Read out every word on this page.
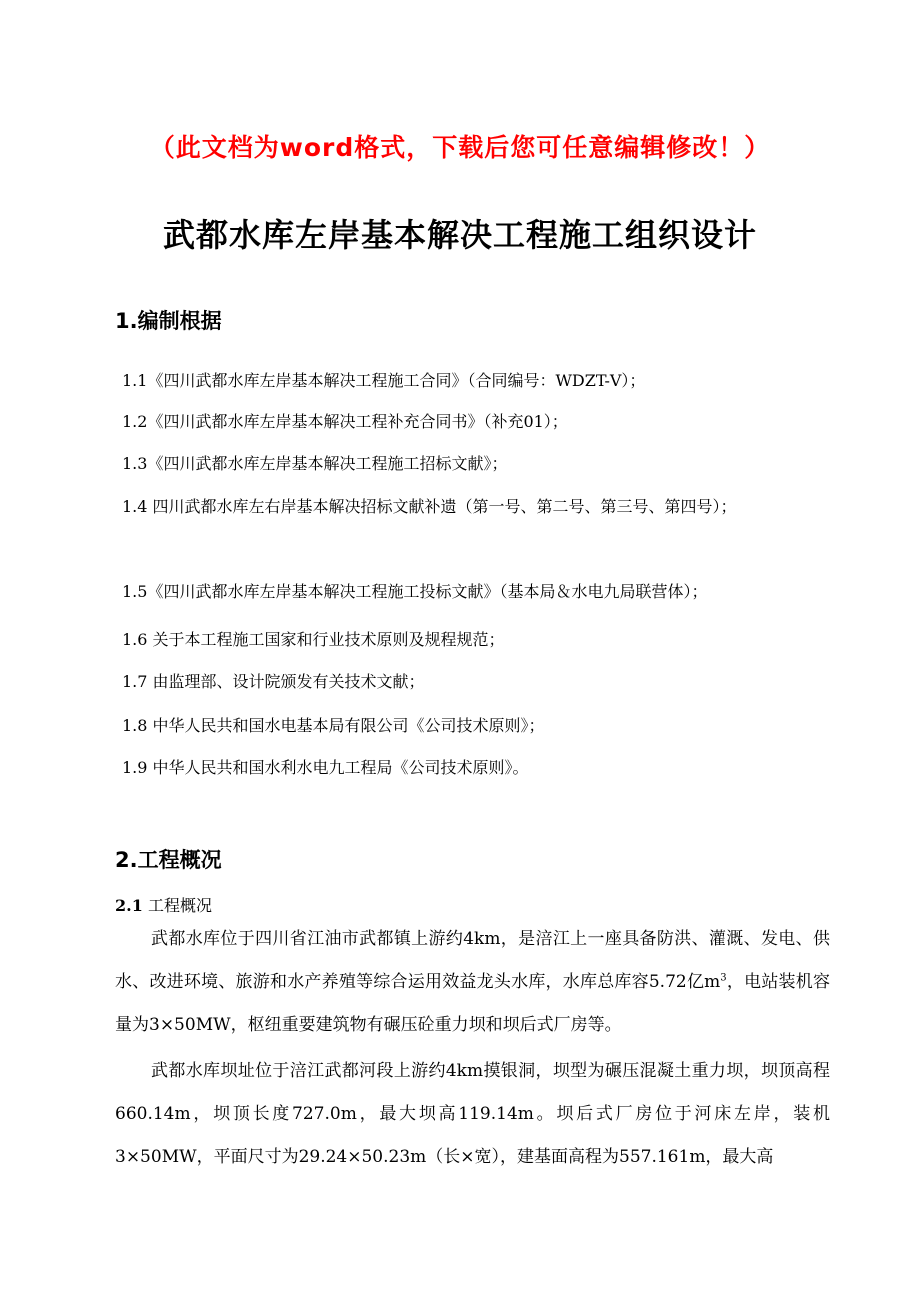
（此文档为word格式，下载后您可任意编辑修改！）
武都水库左岸基本解决工程施工组织设计
1.编制根据
1.1《四川武都水库左岸基本解决工程施工合同》（合同编号：WDZT-Ⅴ）；
1.2《四川武都水库左岸基本解决工程补充合同书》（补充01）；
1.3《四川武都水库左岸基本解决工程施工招标文献》；
1.4 四川武都水库左右岸基本解决招标文献补遗（第一号、第二号、第三号、第四号）；
1.5《四川武都水库左岸基本解决工程施工投标文献》（基本局＆水电九局联营体）；
1.6 关于本工程施工国家和行业技术原则及规程规范；
1.7 由监理部、设计院颁发有关技术文献；
1.8 中华人民共和国水电基本局有限公司《公司技术原则》；
1.9 中华人民共和国水利水电九工程局《公司技术原则》。
2.工程概况
2.1 工程概况
武都水库位于四川省江油市武都镇上游约4km，是涪江上一座具备防洪、灌溉、发电、供水、改进环境、旅游和水产养殖等综合运用效益龙头水库，水库总库容5.72亿$m^3$，电站装机容量为3×50MW，枢纽重要建筑物有碾压砼重力坝和坝后式厂房等。
武都水库坝址位于涪江武都河段上游约4km摸银洞，坝型为碾压混凝土重力坝，坝顶高程660.14m，坝顶长度727.0m，最大坝高119.14m。坝后式厂房位于河床左岸，装机3×50MW，平面尺寸为29.24×50.23m（长×宽），建基面高程为557.161m，最大高
